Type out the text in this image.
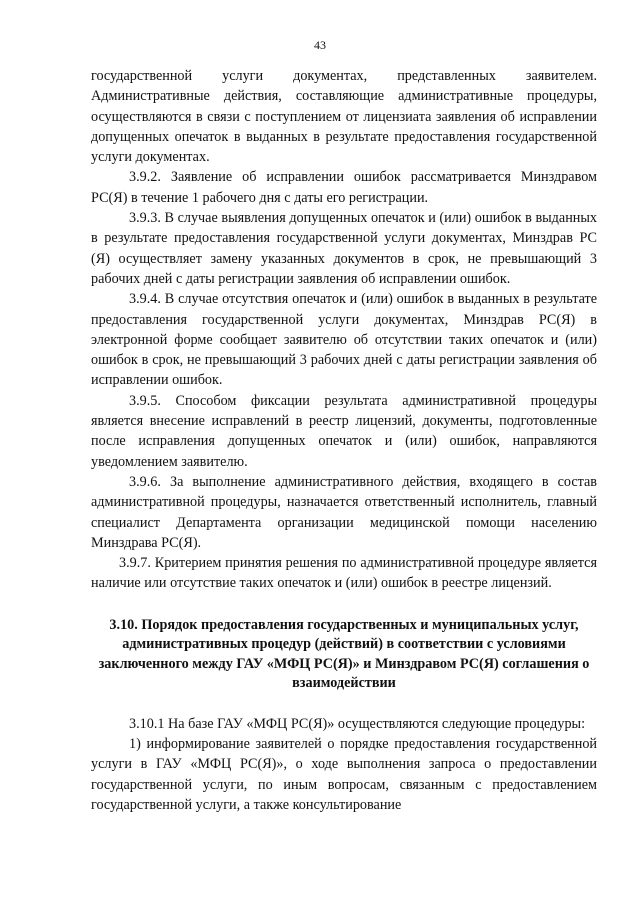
43

государственной услуги документах, представленных заявителем. Административные действия, составляющие административные процедуры, осуществляются в связи с поступлением от лицензиата заявления об исправлении допущенных опечаток в выданных в результате предоставления государственной услуги документах.

3.9.2. Заявление об исправлении ошибок рассматривается Минздравом РС(Я) в течение 1 рабочего дня с даты его регистрации.

3.9.3. В случае выявления допущенных опечаток и (или) ошибок в выданных в результате предоставления государственной услуги документах, Минздрав РС (Я) осуществляет замену указанных документов в срок, не превышающий 3 рабочих дней с даты регистрации заявления об исправлении ошибок.

3.9.4. В случае отсутствия опечаток и (или) ошибок в выданных в результате предоставления государственной услуги документах, Минздрав РС(Я) в электронной форме сообщает заявителю об отсутствии таких опечаток и (или) ошибок в срок, не превышающий 3 рабочих дней с даты регистрации заявления об исправлении ошибок.

3.9.5. Способом фиксации результата административной процедуры является внесение исправлений в реестр лицензий, документы, подготовленные после исправления допущенных опечаток и (или) ошибок, направляются уведомлением заявителю.

3.9.6. За выполнение административного действия, входящего в состав административной процедуры, назначается ответственный исполнитель, главный специалист Департамента организации медицинской помощи населению Минздрава РС(Я).

3.9.7. Критерием принятия решения по административной процедуре является наличие или отсутствие таких опечаток и (или) ошибок в реестре лицензий.

3.10. Порядок предоставления государственных и муниципальных услуг, административных процедур (действий) в соответствии с условиями заключенного между ГАУ «МФЦ РС(Я)» и Минздравом РС(Я) соглашения о взаимодействии

3.10.1 На базе ГАУ «МФЦ РС(Я)» осуществляются следующие процедуры:

1) информирование заявителей о порядке предоставления государственной услуги в ГАУ «МФЦ РС(Я)», о ходе выполнения запроса о предоставлении государственной услуги, по иным вопросам, связанным с предоставлением государственной услуги, а также консультирование
